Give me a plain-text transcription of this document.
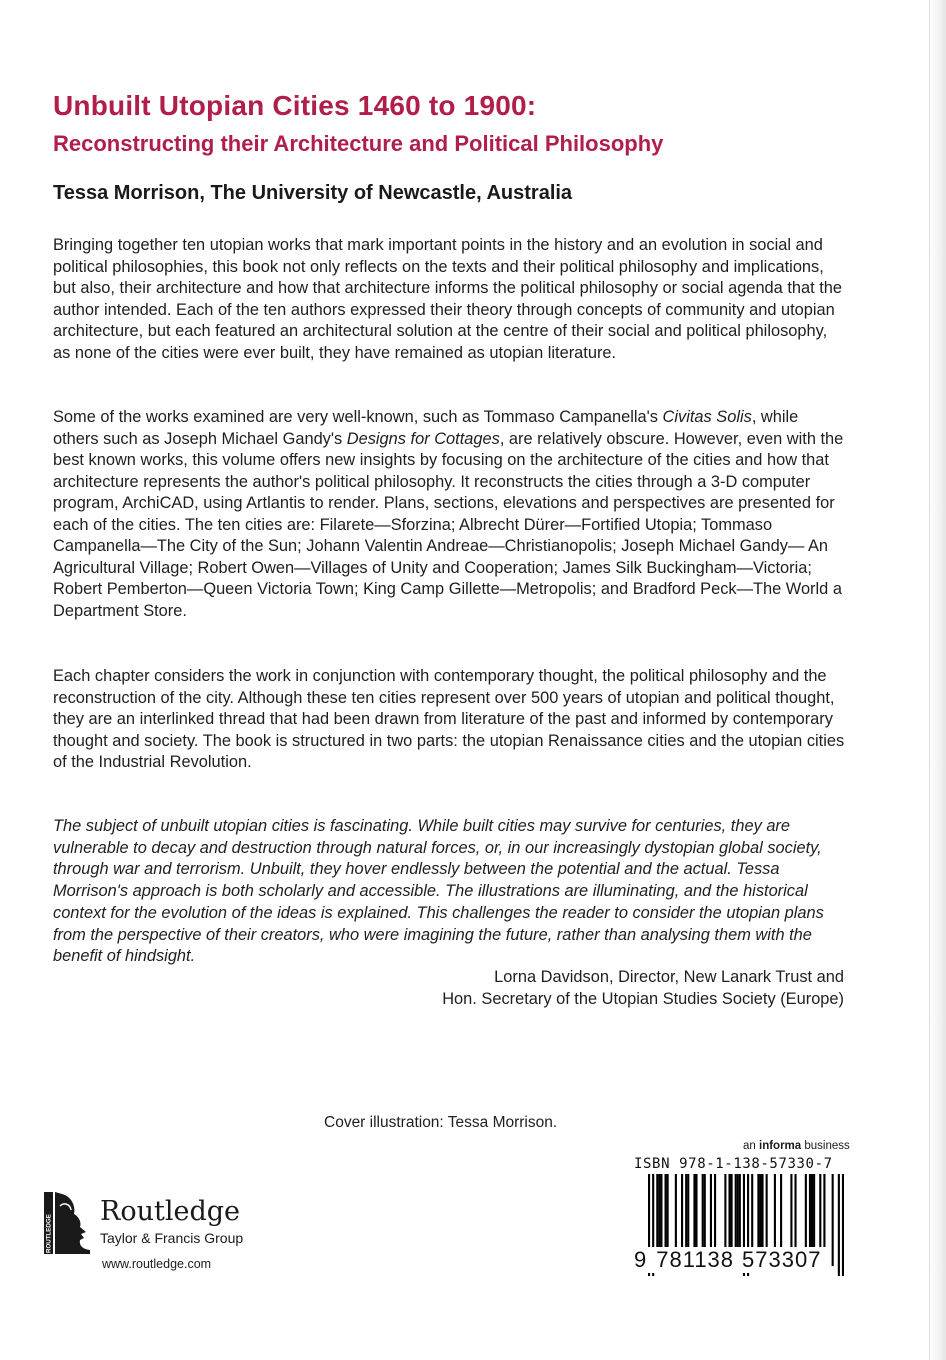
Unbuilt Utopian Cities 1460 to 1900:
Reconstructing their Architecture and Political Philosophy
Tessa Morrison, The University of Newcastle, Australia

Bringing together ten utopian works that mark important points in the history and an evolution in social and political philosophies, this book not only reflects on the texts and their political philosophy and implications, but also, their architecture and how that architecture informs the political philosophy or social agenda that the author intended. Each of the ten authors expressed their theory through concepts of community and utopian architecture, but each featured an architectural solution at the centre of their social and political philosophy, as none of the cities were ever built, they have remained as utopian literature.

Some of the works examined are very well-known, such as Tommaso Campanella's Civitas Solis, while others such as Joseph Michael Gandy's Designs for Cottages, are relatively obscure. However, even with the best known works, this volume offers new insights by focusing on the architecture of the cities and how that architecture represents the author's political philosophy. It reconstructs the cities through a 3-D computer program, ArchiCAD, using Artlantis to render. Plans, sections, elevations and perspectives are presented for each of the cities. The ten cities are: Filarete—Sforzina; Albrecht Dürer—Fortified Utopia; Tommaso Campanella—The City of the Sun; Johann Valentin Andreae—Christianopolis; Joseph Michael Gandy— An Agricultural Village; Robert Owen—Villages of Unity and Cooperation; James Silk Buckingham—Victoria; Robert Pemberton—Queen Victoria Town; King Camp Gillette—Metropolis; and Bradford Peck—The World a Department Store.

Each chapter considers the work in conjunction with contemporary thought, the political philosophy and the reconstruction of the city. Although these ten cities represent over 500 years of utopian and political thought, they are an interlinked thread that had been drawn from literature of the past and informed by contemporary thought and society. The book is structured in two parts: the utopian Renaissance cities and the utopian cities of the Industrial Revolution.

The subject of unbuilt utopian cities is fascinating. While built cities may survive for centuries, they are vulnerable to decay and destruction through natural forces, or, in our increasingly dystopian global society, through war and terrorism. Unbuilt, they hover endlessly between the potential and the actual. Tessa Morrison's approach is both scholarly and accessible. The illustrations are illuminating, and the historical context for the evolution of the ideas is explained. This challenges the reader to consider the utopian plans from the perspective of their creators, who were imagining the future, rather than analysing them with the benefit of hindsight.

Lorna Davidson, Director, New Lanark Trust and

Hon. Secretary of the Utopian Studies Society (Europe)

Cover illustration: Tessa Morrison.

an informa business

ISBN 978-1-138-57330-7

9 781138 573307

ROUTLEDGE

Routledge

Taylor & Francis Group

www.routledge.com
